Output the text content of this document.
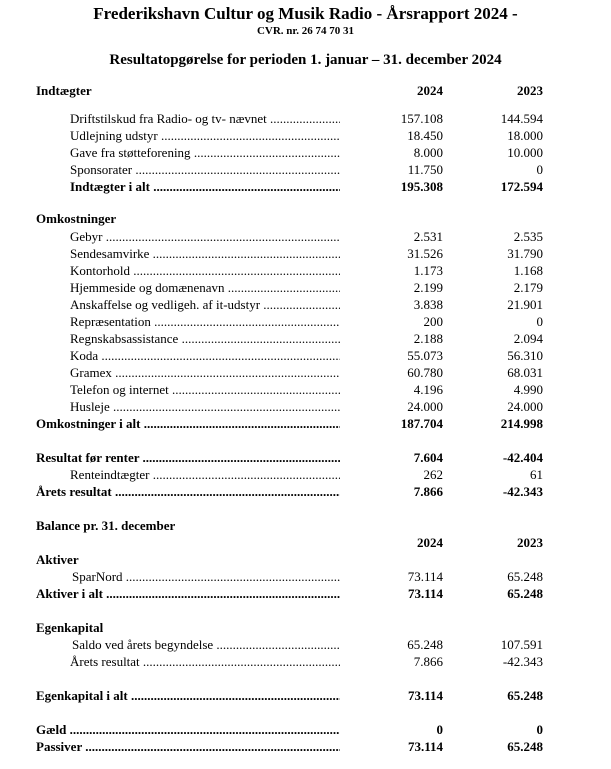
Frederikshavn Cultur og Musik Radio - Årsrapport 2024 -
CVR. nr. 26 74 70 31
Resultatopgørelse for perioden 1. januar – 31. december 2024
Indtægter	2024	2023
Driftstilskud fra Radio- og tv- nævnet .....	157.108	144.594
Udlejning udstyr .....	18.450	18.000
Gave fra støtteforening .....	8.000	10.000
Sponsorater .....	11.750	0
Indtægter i alt .....	195.308	172.594
Omkostninger
Gebyr .....	2.531	2.535
Sendesamvirke .....	31.526	31.790
Kontorhold .....	1.173	1.168
Hjemmeside og domænenavn .....	2.199	2.179
Anskaffelse og vedligeh. af it-udstyr .....	3.838	21.901
Repræsentation .....	200	0
Regnskabsassistance .....	2.188	2.094
Koda .....	55.073	56.310
Gramex .....	60.780	68.031
Telefon og internet .....	4.196	4.990
Husleje .....	24.000	24.000
Omkostninger i alt .....	187.704	214.998
Resultat før renter .....	7.604	-42.404
Renteindtægter .....	262	61
Årets resultat .....	7.866	-42.343
Balance pr. 31. december
2024	2023
Aktiver
SparNord .....	73.114	65.248
Aktiver i alt .....	73.114	65.248
Egenkapital
Saldo ved årets begyndelse .....	65.248	107.591
Årets resultat .....	7.866	-42.343
Egenkapital i alt .....	73.114	65.248
Gæld .....	0	0
Passiver .....	73.114	65.248
